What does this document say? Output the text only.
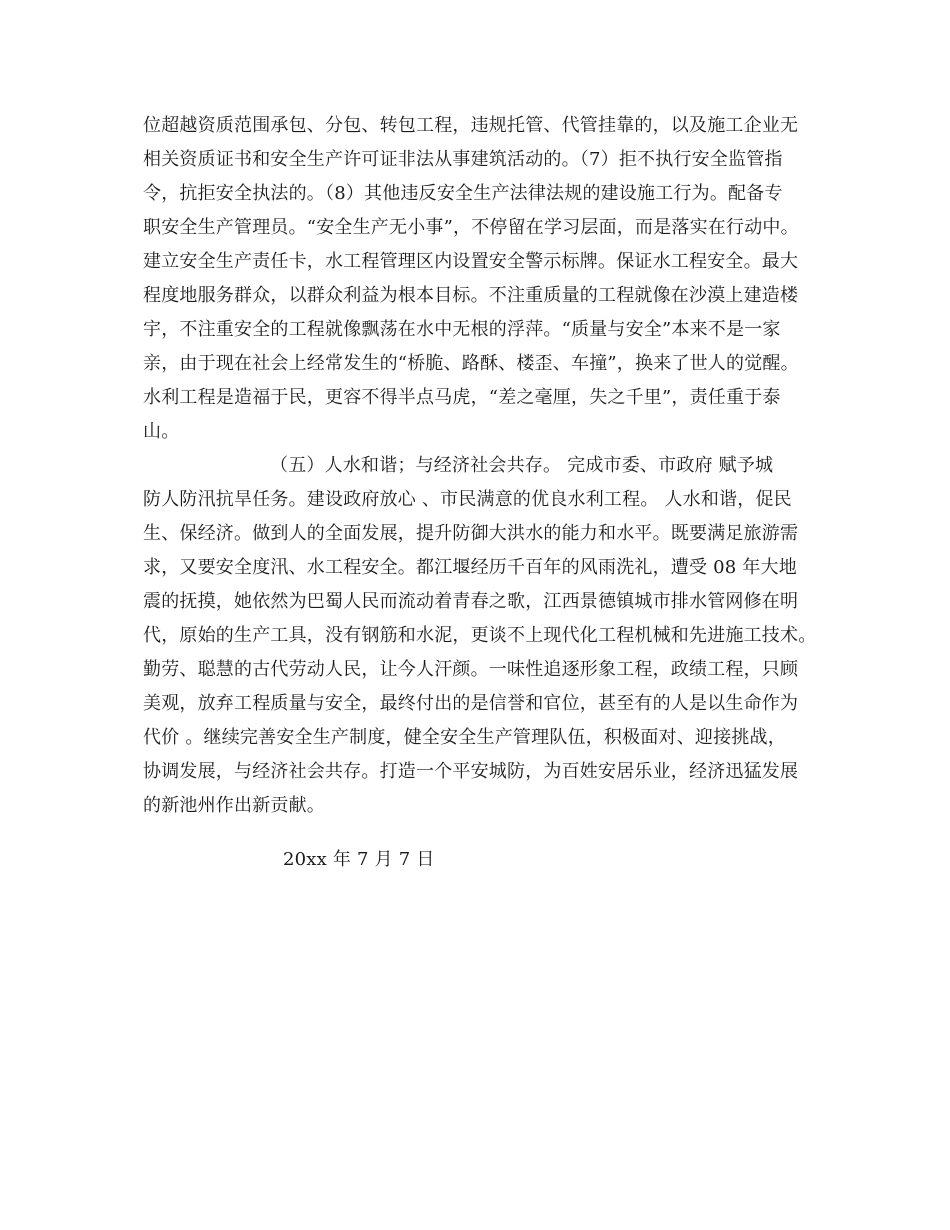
位超越资质范围承包、分包、转包工程，违规托管、代管挂靠的，以及施工企业无
相关资质证书和安全生产许可证非法从事建筑活动的。（7）拒不执行安全监管指
令，抗拒安全执法的。（8）其他违反安全生产法律法规的建设施工行为。配备专
职安全生产管理员。“安全生产无小事”，不停留在学习层面，而是落实在行动中。
建立安全生产责任卡，水工程管理区内设置安全警示标牌。保证水工程安全。最大
程度地服务群众，以群众利益为根本目标。不注重质量的工程就像在沙漠上建造楼
宇，不注重安全的工程就像飘荡在水中无根的浮萍。“质量与安全”本来不是一家
亲，由于现在社会上经常发生的“桥脆、路酥、楼歪、车撞”，换来了世人的觉醒。
水利工程是造福于民，更容不得半点马虎，“差之毫厘，失之千里”，责任重于泰
山。
（五）人水和谐；与经济社会共存。 完成市委、市政府 赋予城
防人防汛抗旱任务。建设政府放心 、市民满意的优良水利工程。 人水和谐，促民
生、保经济。做到人的全面发展，提升防御大洪水的能力和水平。既要满足旅游需
求，又要安全度汛、水工程安全。都江堰经历千百年的风雨洗礼，遭受 08 年大地
震的抚摸，她依然为巴蜀人民而流动着青春之歌，江西景德镇城市排水管网修在明
代，原始的生产工具，没有钢筋和水泥，更谈不上现代化工程机械和先进施工技术。
勤劳、聪慧的古代劳动人民，让今人汗颜。一味性追逐形象工程，政绩工程，只顾
美观，放弃工程质量与安全，最终付出的是信誉和官位，甚至有的人是以生命作为
代价 。继续完善安全生产制度，健全安全生产管理队伍，积极面对、迎接挑战，
协调发展，与经济社会共存。打造一个平安城防，为百姓安居乐业，经济迅猛发展
的新池州作出新贡献。
20xx 年 7 月 7 日
